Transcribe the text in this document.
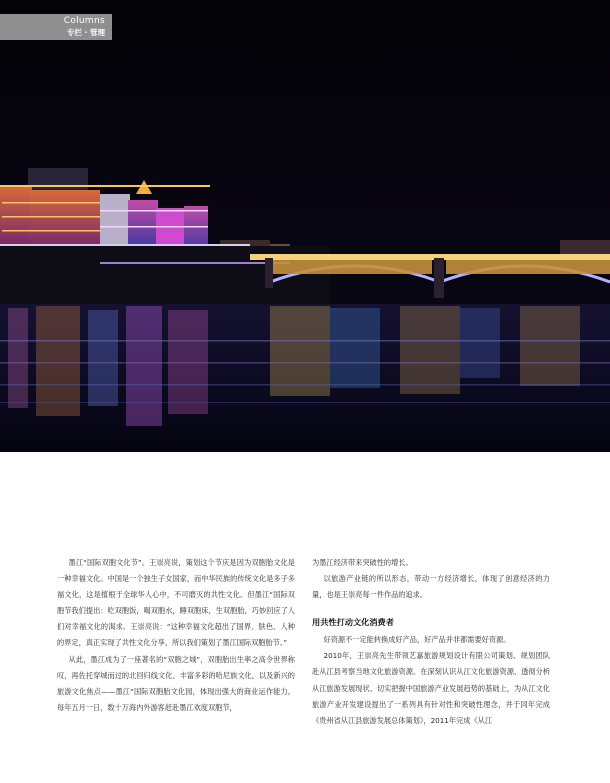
Columns
专栏 · 管理

墨江“国际双胞文化节”。王崇亮说，策划这个节庆是因为双胞胎文化是一种幸福文化。中国是一个独生子女国家，而中华民族的传统文化是多子多福文化，这是植根于全球华人心中，不可磨灭的共性文化。但墨江“国际双胞节我们提出：吃双胞饭，喝双胞水，睡双胞床，生双胞胎，巧妙回应了人们对幸福文化的渴求。王崇亮说：“这种幸福文化超出了国界、肤色、人种的界定，真正实现了共性文化分享，所以我们策划了墨江国际双胞胎节。”

从此，墨江成为了一座著名的“双胞之城”，双胞胎出生率之高令世界称叹，再佐托穿城而过的北回归线文化、丰富多彩的哈尼族文化，以及新兴的旅游文化焦点——墨江“国际双胞胎文化园，体现出强大的商业运作能力。每年五月一日，数十万海内外游客赶赴墨江欢度双胞节，

为墨江经济带来突破性的增长。

以旅游产业链的所以形态，带动一方经济增长，体现了创意经济的力量，也是王崇亮每一件作品的追求。

用共性打动文化消费者

好资源不一定能转换成好产品，好产品并非都需要好资源。

2010年，王崇亮先生带领艺嘉旅游规划设计有限公司策划、规划团队赴从江县考察当地文化旅游资源。在深刻认识从江文化旅游资源、透彻分析从江旅游发展现状、切实把握中国旅游产业发展趋势的基础上，为从江文化旅游产业开发建设提出了一系列具有针对性和突破性理念，并于同年完成《贵州省从江县旅游发展总体策划》，2011年完成《从江
